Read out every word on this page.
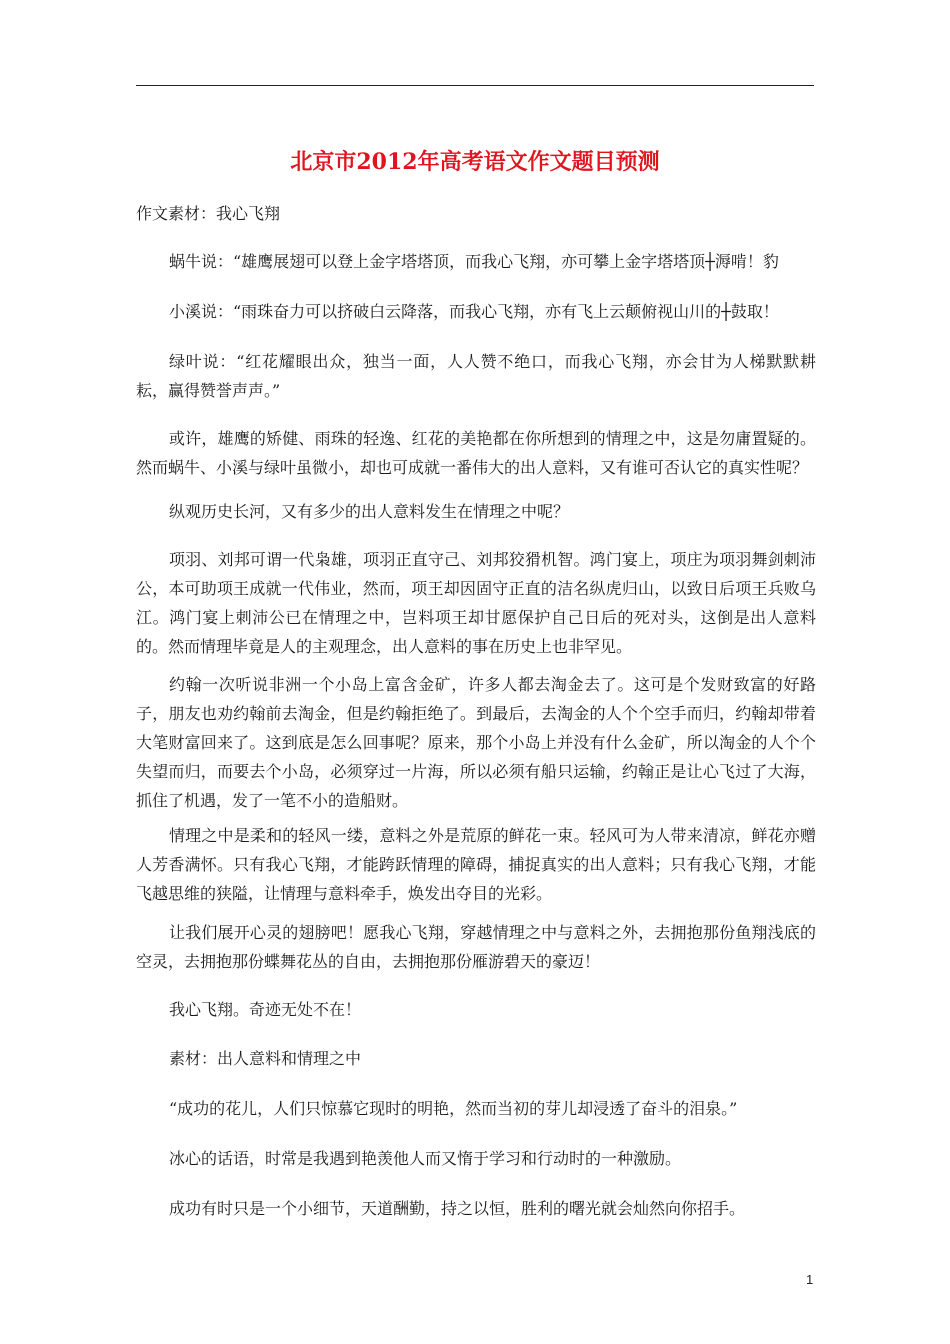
北京市2012年高考语文作文题目预测
作文素材：我心飞翔
蜗牛说：“雄鹰展翅可以登上金字塔塔顶，而我心飞翔，亦可攀上金字塔塔顶┼溽啃！豹
小溪说：“雨珠奋力可以挤破白云降落，而我心飞翔，亦有飞上云颠俯视山川的┼鼓取！
绿叶说：“红花耀眼出众，独当一面，人人赞不绝口，而我心飞翔，亦会甘为人梯默默耕耘，赢得赞誉声声。”
或许，雄鹰的矫健、雨珠的轻逸、红花的美艳都在你所想到的情理之中，这是勿庸置疑的。然而蜗牛、小溪与绿叶虽微小，却也可成就一番伟大的出人意料，又有谁可否认它的真实性呢？
纵观历史长河，又有多少的出人意料发生在情理之中呢？
项羽、刘邦可谓一代枭雄，项羽正直守己、刘邦狡猾机智。鸿门宴上，项庄为项羽舞剑刺沛公，本可助项王成就一代伟业，然而，项王却因固守正直的洁名纵虎归山，以致日后项王兵败乌江。鸿门宴上刺沛公已在情理之中，岂料项王却甘愿保护自己日后的死对头，这倒是出人意料的。然而情理毕竟是人的主观理念，出人意料的事在历史上也非罕见。
约翰一次听说非洲一个小岛上富含金矿，许多人都去淘金去了。这可是个发财致富的好路子，朋友也劝约翰前去淘金，但是约翰拒绝了。到最后，去淘金的人个个空手而归，约翰却带着大笔财富回来了。这到底是怎么回事呢？原来，那个小岛上并没有什么金矿，所以淘金的人个个失望而归，而要去个小岛，必须穿过一片海，所以必须有船只运输，约翰正是让心飞过了大海，抓住了机遇，发了一笔不小的造船财。
情理之中是柔和的轻风一缕，意料之外是荒原的鲜花一束。轻风可为人带来清凉，鲜花亦赠人芳香满怀。只有我心飞翔，才能跨跃情理的障碍，捕捉真实的出人意料；只有我心飞翔，才能飞越思维的狭隘，让情理与意料牵手，焕发出夺目的光彩。
让我们展开心灵的翅膀吧！愿我心飞翔，穿越情理之中与意料之外，去拥抱那份鱼翔浅底的空灵，去拥抱那份蝶舞花丛的自由，去拥抱那份雁游碧天的豪迈！
我心飞翔。奇迹无处不在！
素材：出人意料和情理之中
“成功的花儿，人们只惊慕它现时的明艳，然而当初的芽儿却浸透了奋斗的泪泉。”
冰心的话语，时常是我遇到艳羡他人而又惰于学习和行动时的一种激励。
成功有时只是一个小细节，天道酬勤，持之以恒，胜利的曙光就会灿然向你招手。
1
